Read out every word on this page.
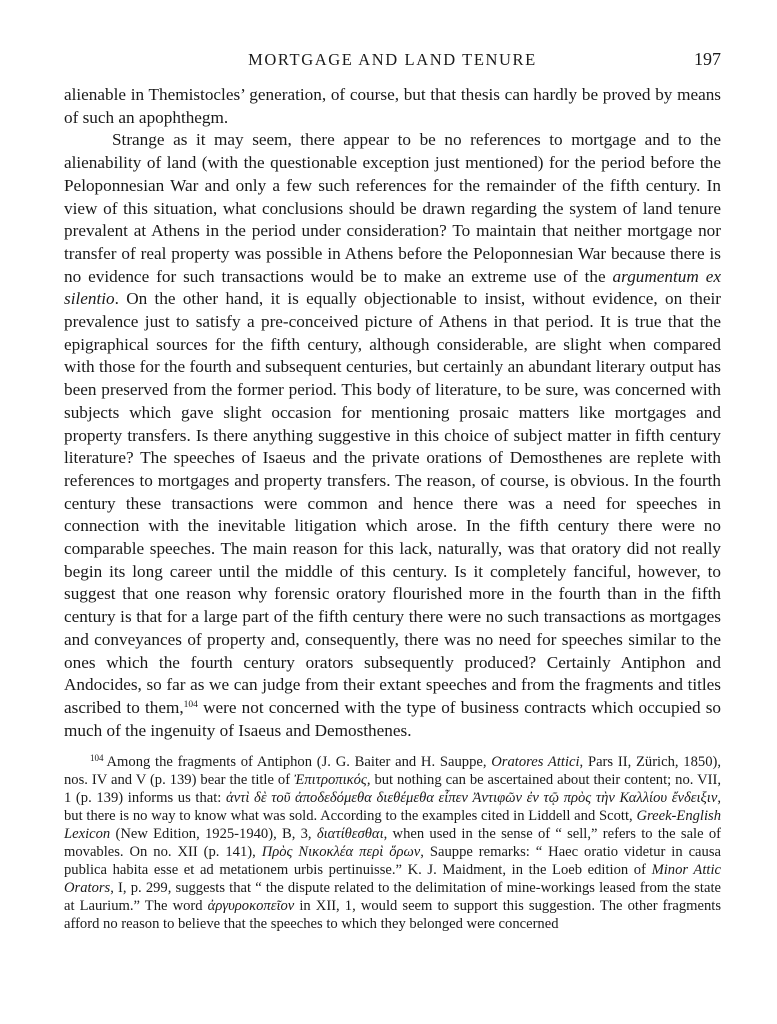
MORTGAGE AND LAND TENURE	197

alienable in Themistocles’ generation, of course, but that thesis can hardly be proved by means of such an apophthegm.

Strange as it may seem, there appear to be no references to mortgage and to the alienability of land (with the questionable exception just mentioned) for the period before the Peloponnesian War and only a few such references for the remainder of the fifth century. In view of this situation, what conclusions should be drawn regarding the system of land tenure prevalent at Athens in the period under consideration? To maintain that neither mortgage nor transfer of real property was possible in Athens before the Peloponnesian War because there is no evidence for such transactions would be to make an extreme use of the argumentum ex silentio. On the other hand, it is equally objectionable to insist, without evidence, on their prevalence just to satisfy a pre-conceived picture of Athens in that period. It is true that the epigraphical sources for the fifth century, although considerable, are slight when compared with those for the fourth and subsequent centuries, but certainly an abundant literary output has been preserved from the former period. This body of literature, to be sure, was concerned with subjects which gave slight occasion for mentioning prosaic matters like mortgages and property transfers. Is there anything suggestive in this choice of subject matter in fifth century literature? The speeches of Isaeus and the private orations of Demosthenes are replete with references to mortgages and property transfers. The reason, of course, is obvious. In the fourth century these transactions were common and hence there was a need for speeches in connection with the inevitable litigation which arose. In the fifth century there were no comparable speeches. The main reason for this lack, naturally, was that oratory did not really begin its long career until the middle of this century. Is it completely fanciful, however, to suggest that one reason why forensic oratory flourished more in the fourth than in the fifth century is that for a large part of the fifth century there were no such transactions as mortgages and conveyances of property and, consequently, there was no need for speeches similar to the ones which the fourth century orators subsequently produced? Certainly Antiphon and Andocides, so far as we can judge from their extant speeches and from the fragments and titles ascribed to them,$^{104}$ were not concerned with the type of business contracts which occupied so much of the ingenuity of Isaeus and Demosthenes.

$^{104}$ Among the fragments of Antiphon (J. G. Baiter and H. Sauppe, Oratores Attici, Pars II, Zürich, 1850), nos. IV and V (p. 139) bear the title of Ἐπιτροπικός, but nothing can be ascertained about their content; no. VII, 1 (p. 139) informs us that: ἀντὶ δὲ τοῦ ἀποδεδόμεθα διεθέμεθα εἶπεν Ἀντιφῶν ἐν τῷ πρὸς τὴν Καλλίου ἔνδειξιν, but there is no way to know what was sold. According to the examples cited in Liddell and Scott, Greek-English Lexicon (New Edition, 1925-1940), B, 3, διατίθεσθαι, when used in the sense of “ sell,” refers to the sale of movables. On no. XII (p. 141), Πρὸς Νικοκλέα περὶ ὅρων, Sauppe remarks: “ Haec oratio videtur in causa publica habita esse et ad metationem urbis pertinuisse.” K. J. Maidment, in the Loeb edition of Minor Attic Orators, I, p. 299, suggests that “ the dispute related to the delimitation of mine-workings leased from the state at Laurium.” The word ἀργυροκοπεῖον in XII, 1, would seem to support this suggestion. The other fragments afford no reason to believe that the speeches to which they belonged were concerned
